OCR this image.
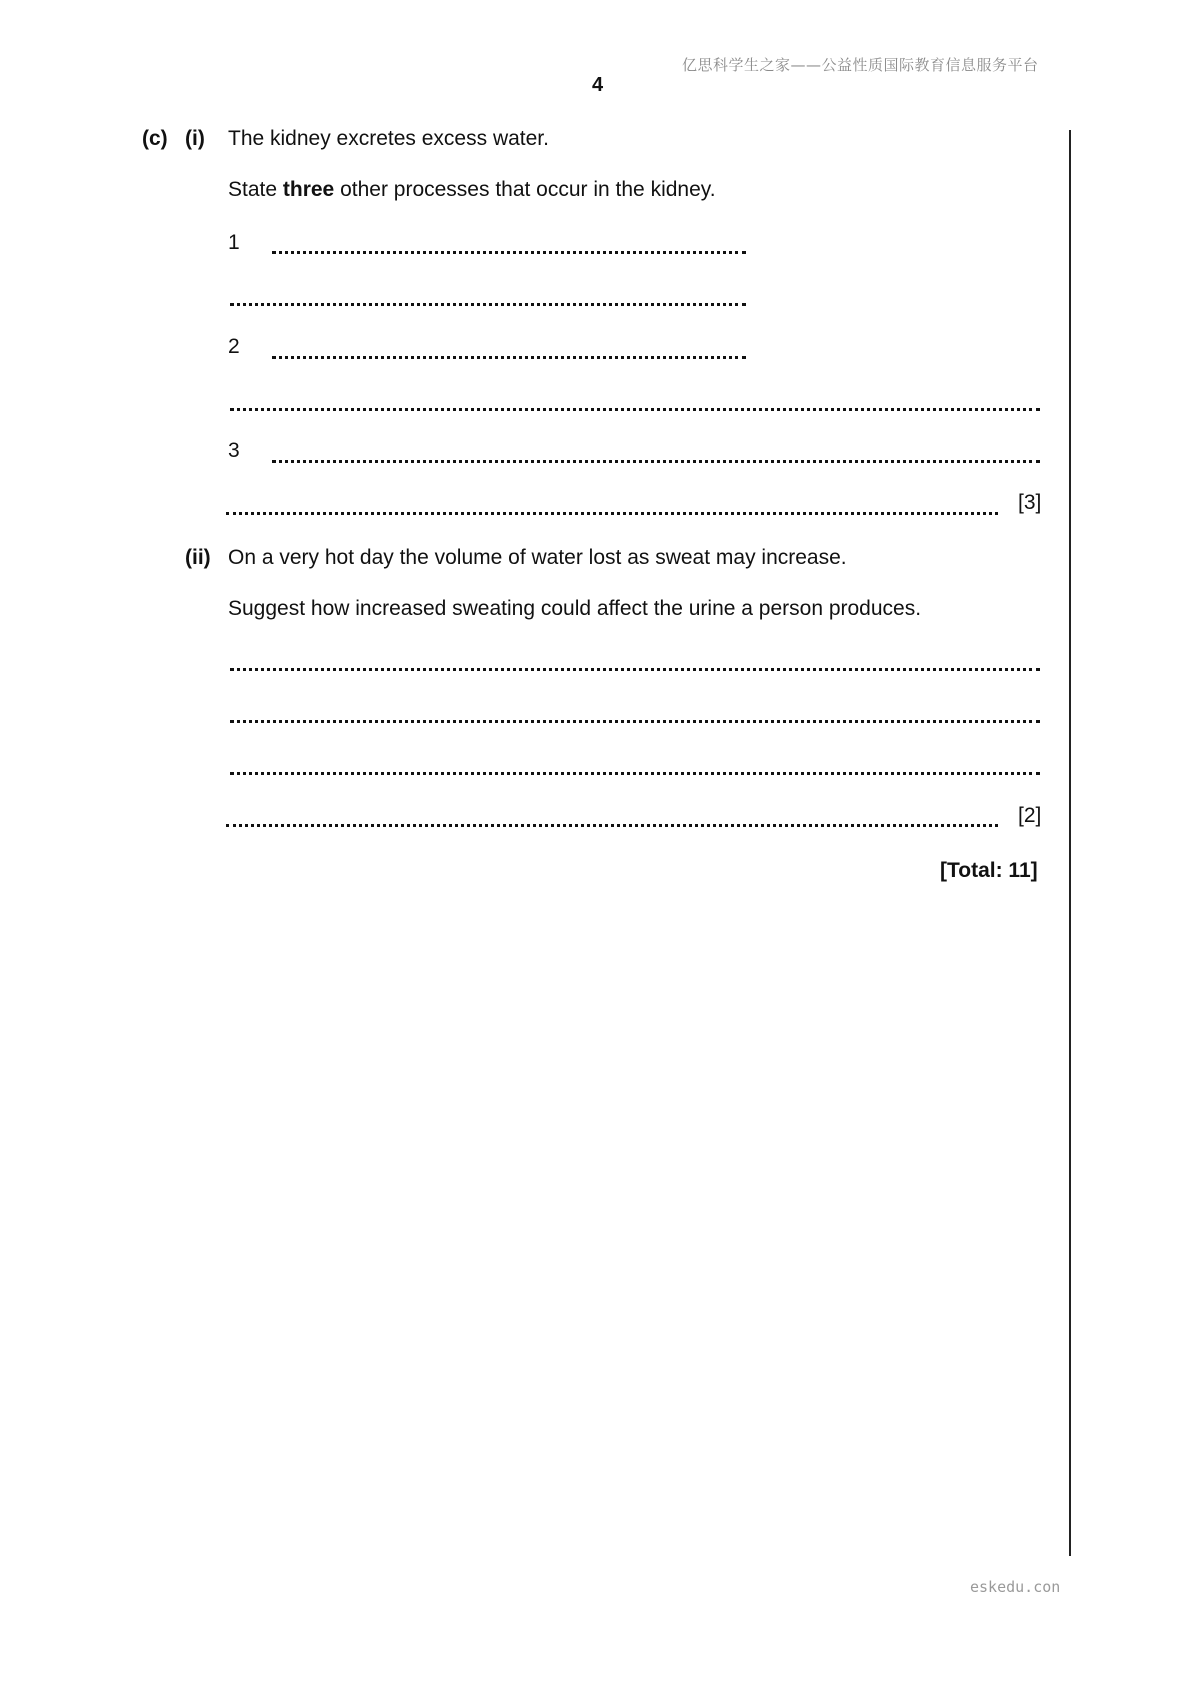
亿思科学生之家——公益性质国际教育信息服务平台
4
(c) (i) The kidney excretes excess water.
State three other processes that occur in the kidney.
1
2
3
[3]
(ii) On a very hot day the volume of water lost as sweat may increase.
Suggest how increased sweating could affect the urine a person produces.
[2]
[Total: 11]
eskedu.con
